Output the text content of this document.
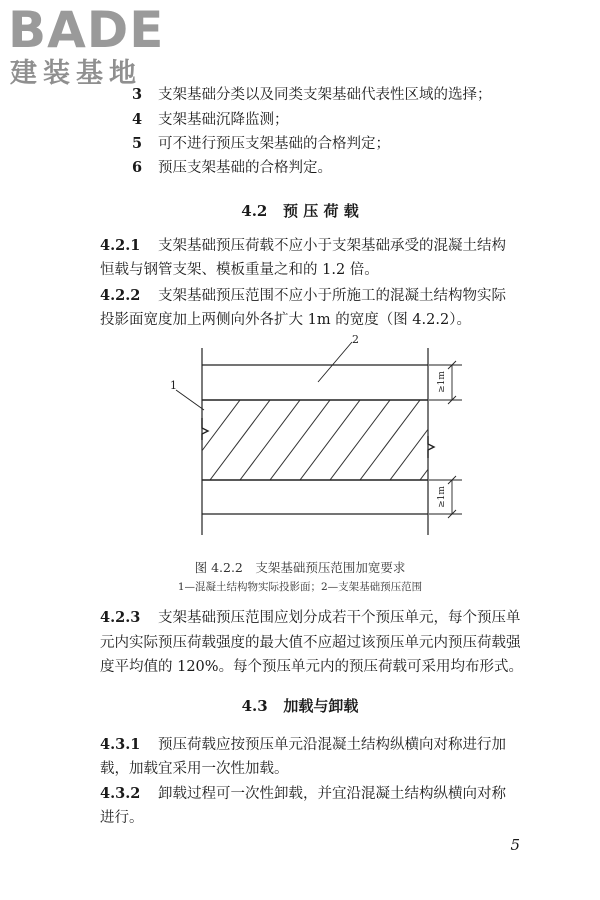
BADE
建装基地
3 支架基础分类以及同类支架基础代表性区域的选择；
4 支架基础沉降监测；
5 可不进行预压支架基础的合格判定；
6 预压支架基础的合格判定。
4.2 预 压 荷 载
4.2.1 支架基础预压荷载不应小于支架基础承受的混凝土结构
恒载与钢管支架、模板重量之和的 1.2 倍。
4.2.2 支架基础预压范围不应小于所施工的混凝土结构物实际
投影面宽度加上两侧向外各扩大 1m 的宽度（图 4.2.2）。
1
2
≥1m
≥1m
图 4.2.2　支架基础预压范围加宽要求
1—混凝土结构物实际投影面；2—支架基础预压范围
4.2.3 支架基础预压范围应划分成若干个预压单元，每个预压单
元内实际预压荷载强度的最大值不应超过该预压单元内预压荷载强
度平均值的 120%。每个预压单元内的预压荷载可采用均布形式。
4.3 加载与卸载
4.3.1 预压荷载应按预压单元沿混凝土结构纵横向对称进行加
载，加载宜采用一次性加载。
4.3.2 卸载过程可一次性卸载，并宜沿混凝土结构纵横向对称
进行。
5
